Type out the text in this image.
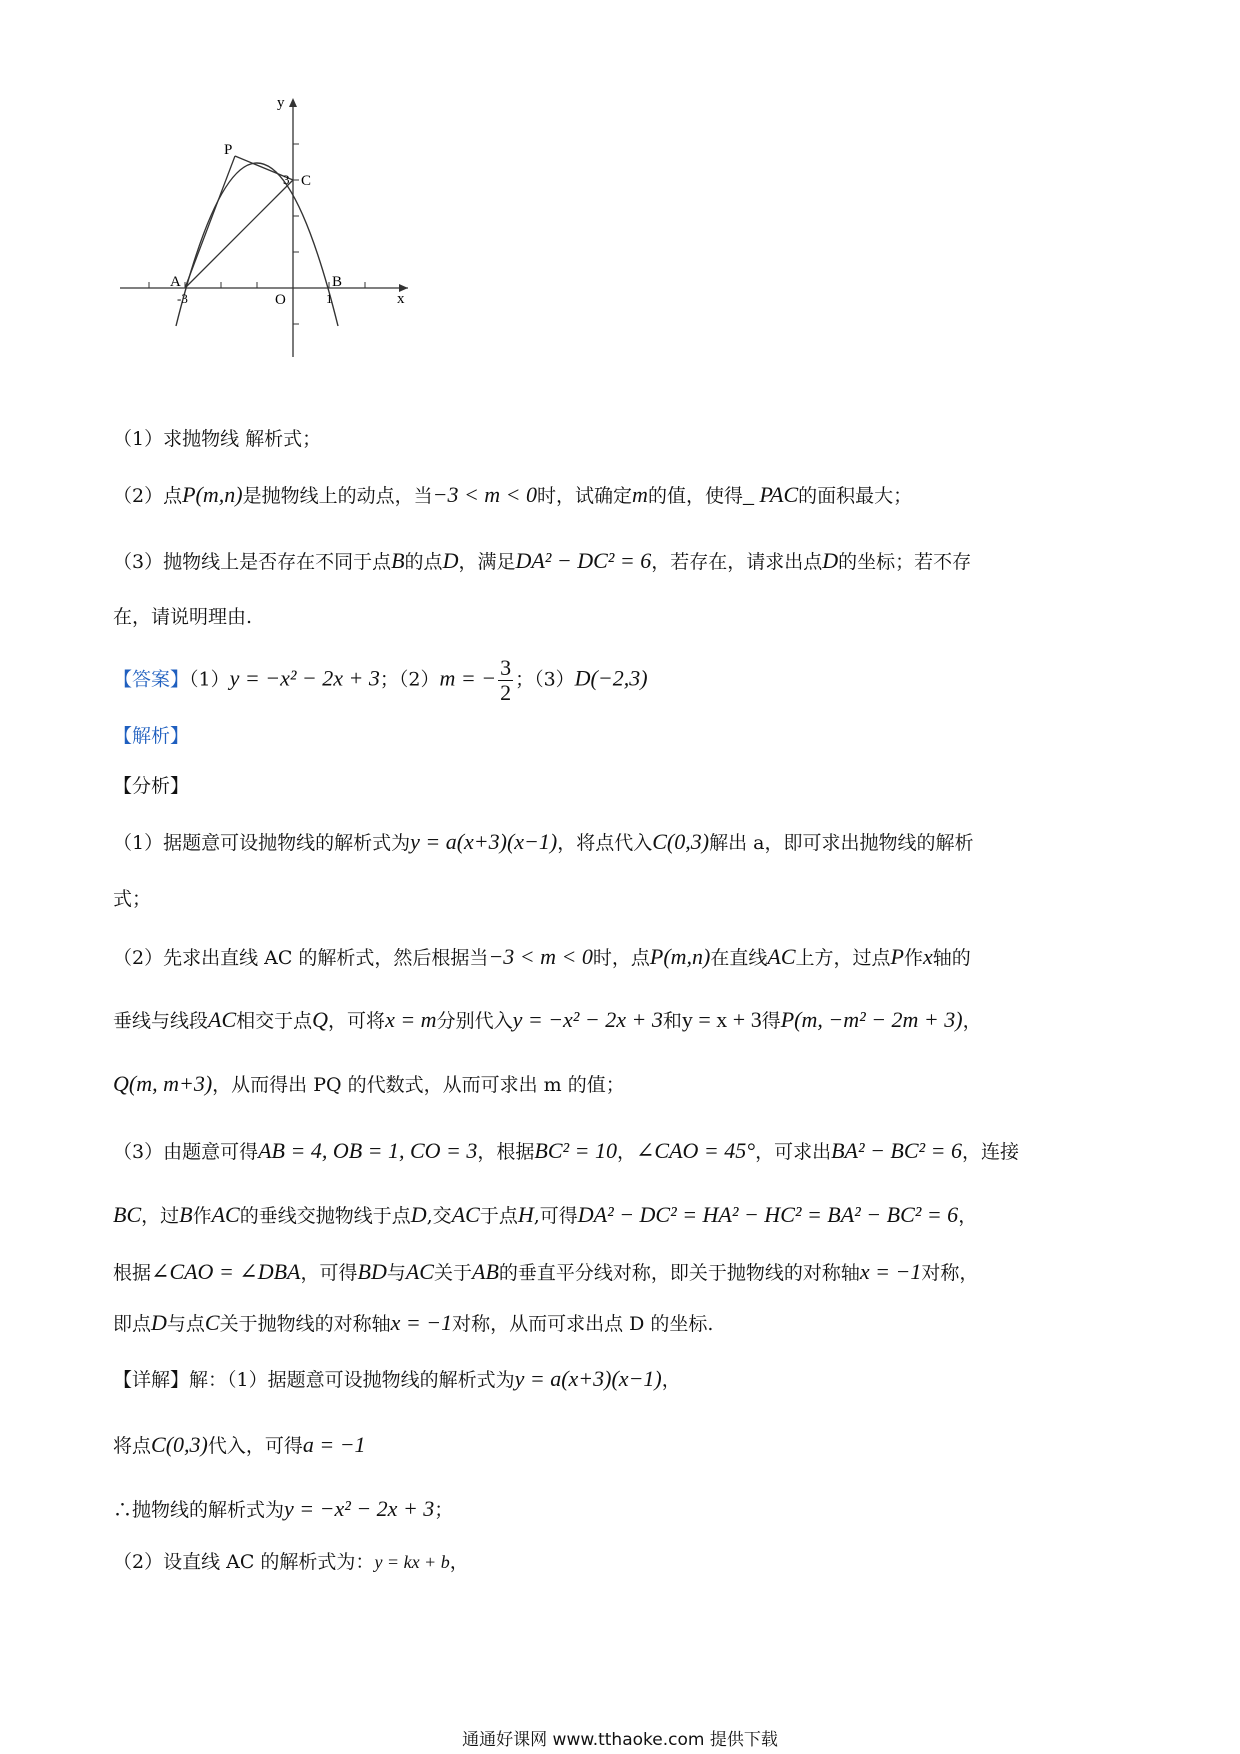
y
x
O
A	B
C
P
-3	1
3
（1）求抛物线 解析式；
（2）点P(m,n)是抛物线上的动点，当−3 < m < 0时，试确定m的值，使得_ PAC的面积最大；
（3）抛物线上是否存在不同于点B的点D，满足DA² − DC² = 6，若存在，请求出点D的坐标；若不存
在，请说明理由.
【答案】（1）y = −x² − 2x + 3；（2）m = − $\frac{3}{2}$ ；（3）D(−2,3)
【解析】
【分析】
（1）据题意可设抛物线的解析式为y = a(x+3)(x−1)，将点代入C(0,3)解出 a，即可求出抛物线的解析
式；
（2）先求出直线 AC 的解析式，然后根据当−3 < m < 0时，点P(m,n)在直线AC上方，过点P作x轴的
垂线与线段AC相交于点Q，可将x = m分别代入y = −x² − 2x + 3和y = x + 3得P(m, −m² − 2m + 3)，
Q(m, m+3)，从而得出 PQ 的代数式，从而可求出 m 的值；
（3）由题意可得AB = 4, OB = 1, CO = 3，根据BC² = 10，∠CAO = 45°，可求出BA² − BC² = 6，连接
BC，过B作AC的垂线交抛物线于点D,交AC于点H,可得DA² − DC² = HA² − HC² = BA² − BC² = 6，
根据∠CAO = ∠DBA，可得BD与AC关于AB的垂直平分线对称，即关于抛物线的对称轴x = −1对称，
即点D与点C关于抛物线的对称轴x = −1对称，从而可求出点 D 的坐标.
【详解】解：（1）据题意可设抛物线的解析式为y = a(x+3)(x−1)，
将点C(0,3)代入，可得a = −1
∴抛物线的解析式为y = −x² − 2x + 3；
（2）设直线 AC 的解析式为：y = kx + b，
通通好课网 www.tthaoke.com 提供下载
